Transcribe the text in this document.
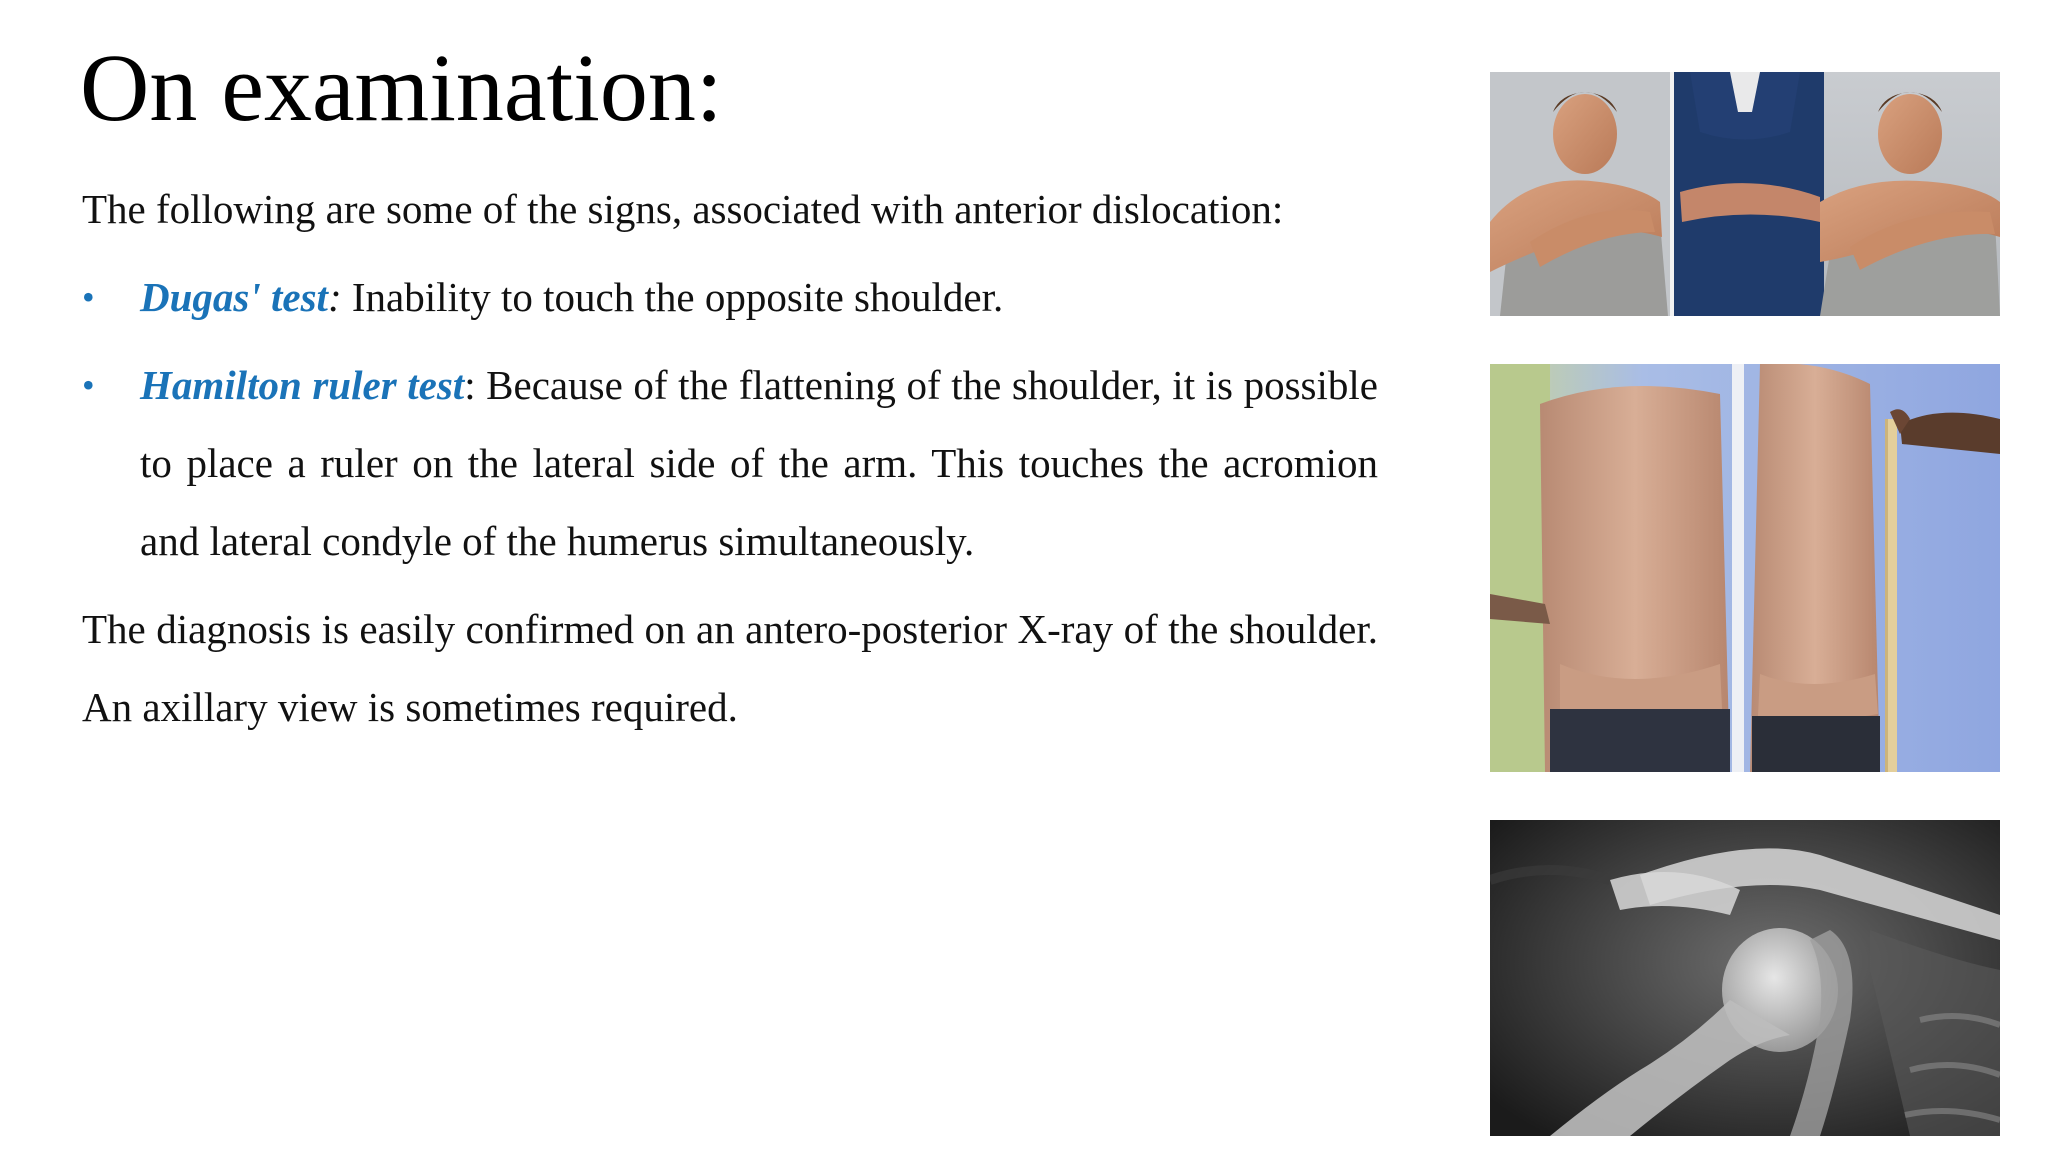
On examination:

The following are some of the signs, associated with anterior dislocation:

• Dugas' test: Inability to touch the opposite shoulder.
• Hamilton ruler test: Because of the flattening of the shoulder, it is possible to place a ruler on the lateral side of the arm. This touches the acromion and lateral condyle of the humerus simultaneously.

The diagnosis is easily confirmed on an antero-posterior X-ray of the shoulder. An axillary view is sometimes required.
